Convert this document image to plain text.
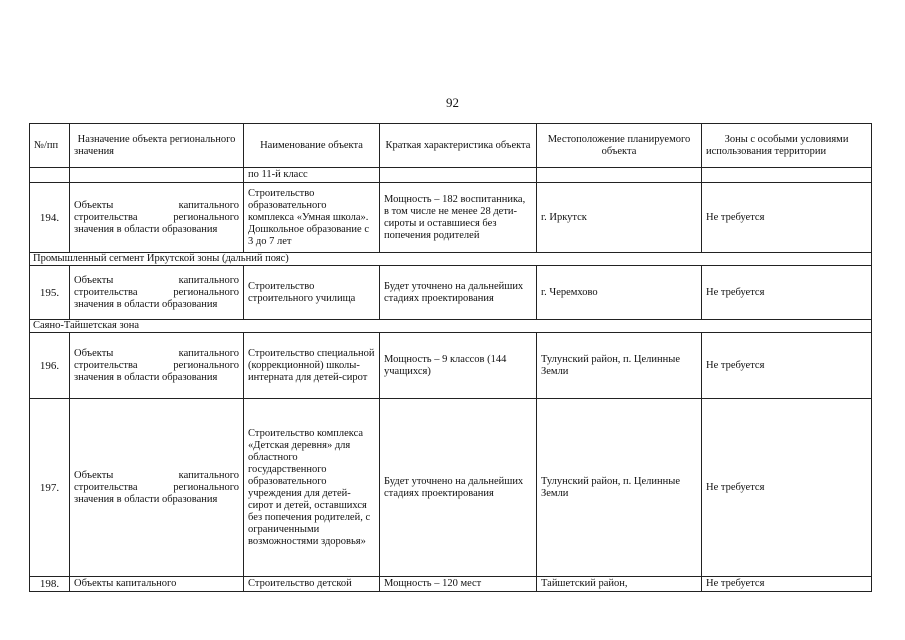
92
№/пп	Назначение объекта регионального значения	Наименование объекта	Краткая характеристика объекта	Местоположение планируемого объекта	Зоны с особыми условиями использования территории
		по 11-й класс			
194.	Объекты капитального строительства регионального значения в области образования	Строительство образовательного комплекса «Умная школа». Дошкольное образование с 3 до 7 лет	Мощность – 182 воспитанника, в том числе не менее 28 дети-сироты и оставшиеся без попечения родителей	г. Иркутск	Не требуется
Промышленный сегмент Иркутской зоны (дальний пояс)					
195.	Объекты капитального строительства регионального значения в области образования	Строительство строительного училища	Будет уточнено на дальнейших стадиях проектирования	г. Черемхово	Не требуется
Саяно-Тайшетская зона					
196.	Объекты капитального строительства регионального значения в области образования	Строительство специальной (коррекционной) школы-интерната для детей-сирот	Мощность – 9 классов (144 учащихся)	Тулунский район, п. Целинные Земли	Не требуется
197.	Объекты капитального строительства регионального значения в области образования	Строительство комплекса «Детская деревня» для областного государственного образовательного учреждения для детей-сирот и детей, оставшихся без попечения родителей, с ограниченными возможностями здоровья»	Будет уточнено на дальнейших стадиях проектирования	Тулунский район, п. Целинные Земли	Не требуется
198.	Объекты капитального	Строительство детской	Мощность – 120 мест	Тайшетский район,	Не требуется
